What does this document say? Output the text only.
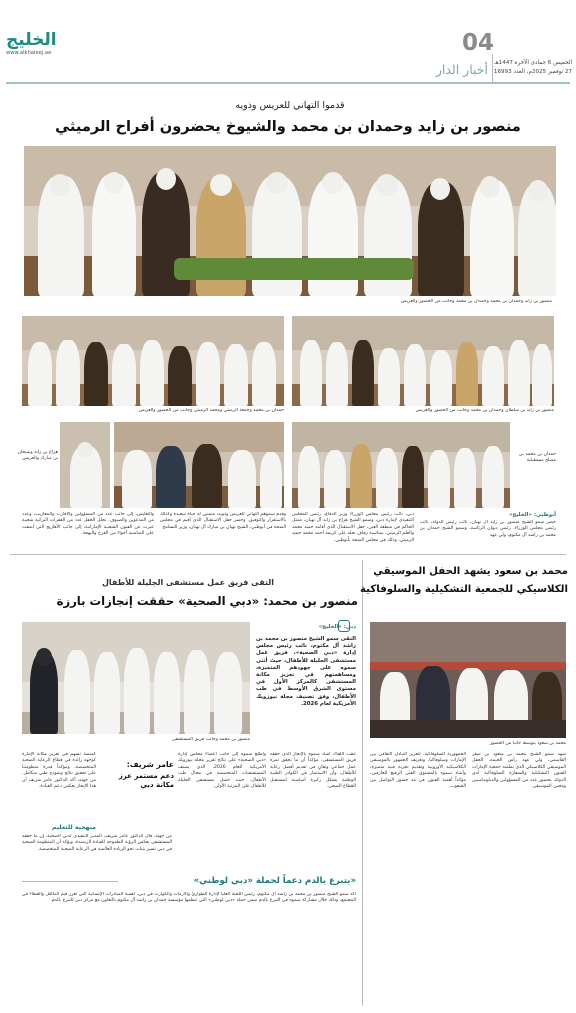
الخليج
www.alkhaleej.ae
أخبار الدار
04
الخميس 6 جمادى الآخرة 1447هـ
27 نوفمبر 2025م، العدد 16993
قدموا التهاني للعريس وذويه
منصور بن زايد وحمدان بن محمد والشيوخ يحضرون أفراح الرميثي
منصور بن زايد وحمدان بن محمد وحمدان بن محمد وجانب من الحضور والعريس
منصور بن زايد بن سلطان وحمدان بن محمد وجانب من الحضور والعريس
حمدان بن محمد وجمعة الرميثي ومحمد الرميثي وجانب من الحضور والعريس
حمدان بن محمد بن مصلح مستقبلية
هزاع بن زايد وشيخان بن مبارك والعريس
أبوظبي: «الخليج»
حضر سمو الشيخ منصور بن زايد آل نهيان، نائب رئيس الدولة، نائب رئيس مجلس الوزراء، رئيس ديوان الرئاسة، وسمو الشيخ حمدان بن محمد بن راشد آل مكتوم، ولي عهد
دبي، نائب رئيس مجلس الوزراء وزير الدفاع، رئيس المجلس التنفيذي لإمارة دبي، وسمو الشيخ هزاع بن زايد آل نهيان، ممثل الحاكم في منطقة العين، حفل الاستقبال الذي أقامه حميد محمد والعلم الرميثي، بمناسبة زفاف نجله على كريمة أحمد محمد حميد الرميثي، وذلك في مجلس الصحة بأبوظبي.
وقدم سموهم التهاني للعريس وذويه، متمنين له حياة سعيدة وكذلك بالاستقرار والتوفيق. وحضر حفل الاستقبال الذي أقيم في مجلس الصحة في أبوظبي، الشيخ نهيان بن مبارك آل نهيان، وزير التسامح
والتعايش، إلى جانب عدد من المسؤولين والأقارب والمعازيب، وعدد من المدعوين والضيوف. تخلل الحفل عدد من الفقرات التراثية شعبية عبرت عن الفنون الشعبية الإماراتية، إلى جانب الأهازيج التي أضفت على المناسبة أجواء من الفرح والبهجة.
محمد بن سعود يشهد الحفل الموسيقي
الكلاسيكي للجمعية التشكيلية والسلوفاكية
محمد بن سعود يتوسط جانباً من الحضور
شهد سمو الشيخ محمد بن سعود بن صقر القاسمي، ولي عهد رأس الخيمة، الحفل الموسيقي الكلاسيكي الذي نظمته جمعية الإمارات للفنون التشكيلية والسفارة السلوفاكية لدى الدولة، بحضور عدد من المسؤولين والدبلوماسيين ومحبي الموسيقى.
الجمهورية السلوفاكية، لتعزيز التبادل الثقافي بين الإمارات وسلوفاكيا، وتعريف الجمهور بالموسيقى الكلاسيكية الأوروبية وتقديم تجربة فنية متميزة، وأشاد سموه بالمستوى الفني الرفيع للعازفين، مؤكداً أهمية الفنون في مد جسور التواصل بين الشعوب.
التقى فريق عمل مستشفى الجليلة للأطفال
منصور بن محمد: «دبي الصحية» حققت إنجازات بارزة
منصور بن محمد وجانب فريق المستشفى
دبي: «الخليج»
التقى سمو الشيخ منصور بن محمد بن راشد آل مكتوم، نائب رئيس مجلس إدارة «دبي الصحية»، فريق عمل مستشفى الجليلة للأطفال، حيث أثنى سموه على جهودهم المتميزة، ومساهمتهم في تعزيز مكانة المستشفى كالمركز الأول في مستوى الشرق الأوسط في طب الأطفال، وفق تصنيف مجلة نيوزويك الأمريكية لعام 2026.
وأطلع سموه إلى جانب أعضاء مجلس إدارة «دبي الصحية» على نتائج تقرير مجلة نيوزويك الأمريكية للعام 2026، الذي يصنف المستشفيات المتخصصة في مجال طب الأطفال، حيث حصل مستشفى الجليلة للأطفال على المرتبة الأولى.
عقب اللقاء، أشاد سموه بالإنجاز الذي حققه فريق المستشفى، مؤكداً أن ما تحقق ثمرة عمل جماعي وتفانٍ في تقديم أفضل رعاية للأطفال، وأن الاستثمار في الكوادر الطبية الوطنية يشكل ركيزة أساسية لمستقبل القطاع الصحي.
عامر شريف:
دعم مستمر عزز مكانة دبي
كمنصة تسهم في تعزيز مكانة الإمارة كوجهة رائدة في قطاع الرعاية الصحية المتخصصة، ومؤكداً قدرة منظومتنا على تحقيق نتائج ونموذج طبي متكامل. من جهته، أكد الدكتور عامر شريف أن هذا الإنجاز يعكس دعم القيادة.
منهجية للتعليم
من جهته، قال الدكتور عامر شريف، المدير التنفيذي لدبي الصحية، إن ما حققه المستشفى يعكس الرؤية الطموحة للقيادة الرشيدة، ويؤكد أن المنظومة الصحية في دبي تسير بثبات نحو الريادة العالمية في الرعاية الصحية المتخصصة.
«يتبرع بالدم دعماً لحملة «دبي لوطني»
أكد سمو الشيخ منصور بن محمد بن راشد آل مكتوم، رئيس اللجنة العليا لإدارة الطوارئ والأزمات والكوارث في دبي، أهمية المبادرات الإنسانية التي تعزز قيم التكافل والعطاء في المجتمع، وذلك خلال مشاركة سموه في التبرع بالدم ضمن حملة «دبي لوطني» التي تنظمها مؤسسة حمدان بن راشد آل مكتوم بالتعاون مع مركز دبي للتبرع بالدم.
